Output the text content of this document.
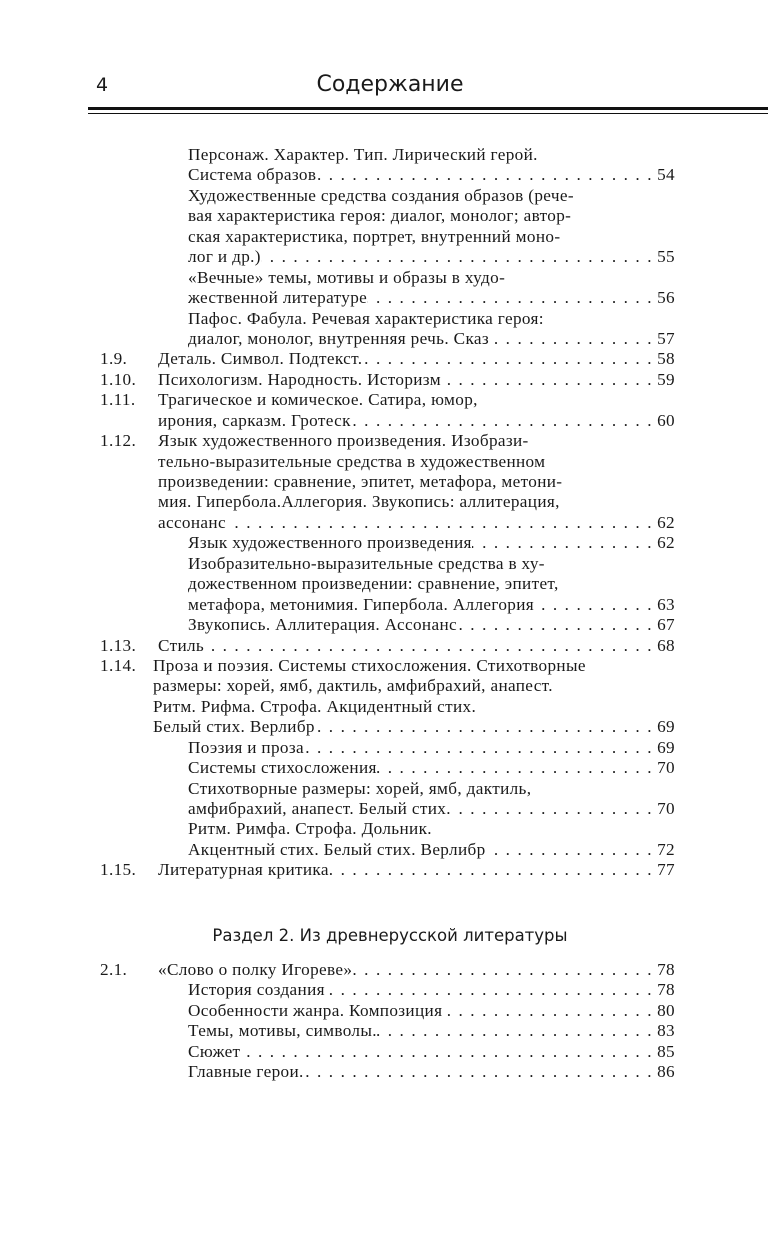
4	Содержание
Персонаж. Характер. Тип. Лирический герой.
Система образов . . .	54
Художественные средства создания образов (рече-
вая характеристика героя: диалог, монолог; автор-
ская характеристика, портрет, внутренний моно-
лог и др.) . . .	55
«Вечные» темы, мотивы и образы в худо-
жественной литературе . . .	56
Пафос. Фабула. Речевая характеристика героя:
диалог, монолог, внутренняя речь. Сказ . . .	57
1.9. Деталь. Символ. Подтекст. . . .	58
1.10. Психологизм. Народность. Историзм . . .	59
1.11. Трагическое и комическое. Сатира, юмор,
ирония, сарказм. Гротеск . . .	60
1.12. Язык художественного произведения. Изобрази-
тельно-выразительные средства в художественном
произведении: сравнение, эпитет, метафора, метони-
мия. Гипербола.Аллегория. Звукопись: аллитерация,
ассонанс . . .	62
Язык художественного произведения . . .	62
Изобразительно-выразительные средства в ху-
дожественном произведении: сравнение, эпитет,
метафора, метонимия. Гипербола. Аллегория . . .	63
Звукопись. Аллитерация. Ассонанс . . .	67
1.13. Стиль . . .	68
1.14. Проза и поэзия. Системы стихосложения. Стихотворные
размеры: хорей, ямб, дактиль, амфибрахий, анапест.
Ритм. Рифма. Строфа. Акцидентный стих.
Белый стих. Верлибр . . .	69
Поэзия и проза . . .	69
Системы стихосложения . . .	70
Стихотворные размеры: хорей, ямб, дактиль,
амфибрахий, анапест. Белый стих. . . .	70
Ритм. Римфа. Строфа. Дольник.
Акцентный стих. Белый стих. Верлибр . . .	72
1.15. Литературная критика . . .	77
Раздел 2. Из древнерусской литературы
2.1. «Слово о полку Игореве» . . .	78
История создания . . .	78
Особенности жанра. Композиция . . .	80
Темы, мотивы, символы. . . .	83
Сюжет . . .	85
Главные герои. . . .	86
